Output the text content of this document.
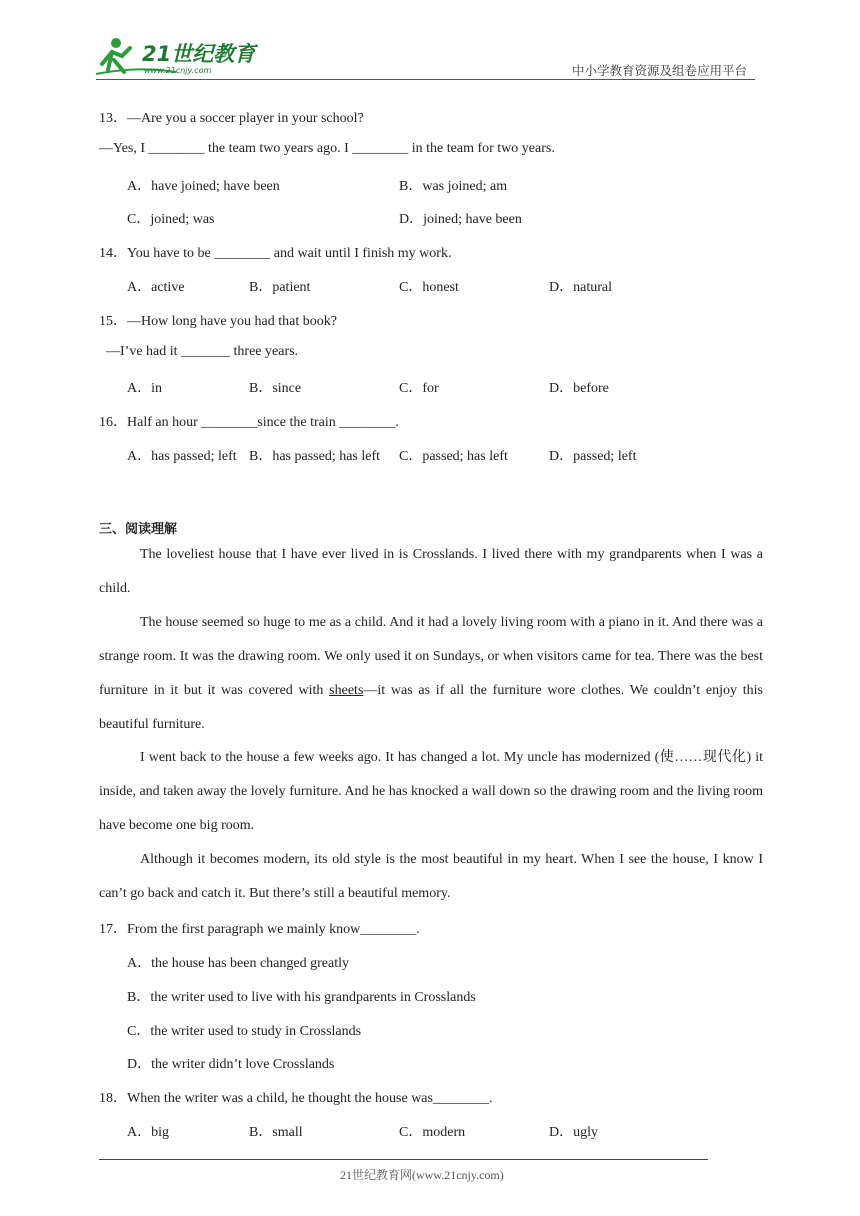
21世纪教育
www.21cnjy.com	中小学教育资源及组卷应用平台
13．—Are you a soccer player in your school?
—Yes, I ________ the team two years ago. I ________ in the team for two years.
A．have joined; have been	B．was joined; am
C．joined; was	D．joined; have been
14．You have to be ________ and wait until I finish my work.
A．active	B．patient	C．honest	D．natural
15．—How long have you had that book?
—I’ve had it _______ three years.
A．in	B．since	C．for	D．before
16．Half an hour ________since the train ________.
A．has passed; left B．has passed; has left C．passed; has left	D．passed; left
三、阅读理解
The loveliest house that I have ever lived in is Crosslands. I lived there with my grandparents when I was a child.
The house seemed so huge to me as a child. And it had a lovely living room with a piano in it. And there was a strange room. It was the drawing room. We only used it on Sundays, or when visitors came for tea. There was the best furniture in it but it was covered with sheets—it was as if all the furniture wore clothes. We couldn’t enjoy this beautiful furniture.
I went back to the house a few weeks ago. It has changed a lot. My uncle has modernized (使……现代化) it inside, and taken away the lovely furniture. And he has knocked a wall down so the drawing room and the living room have become one big room.
Although it becomes modern, its old style is the most beautiful in my heart. When I see the house, I know I can’t go back and catch it. But there’s still a beautiful memory.
17．From the first paragraph we mainly know________.
A．the house has been changed greatly
B．the writer used to live with his grandparents in Crosslands
C．the writer used to study in Crosslands
D．the writer didn’t love Crosslands
18．When the writer was a child, he thought the house was________.
A．big	B．small	C．modern	D．ugly
21世纪教育网(www.21cnjy.com)
